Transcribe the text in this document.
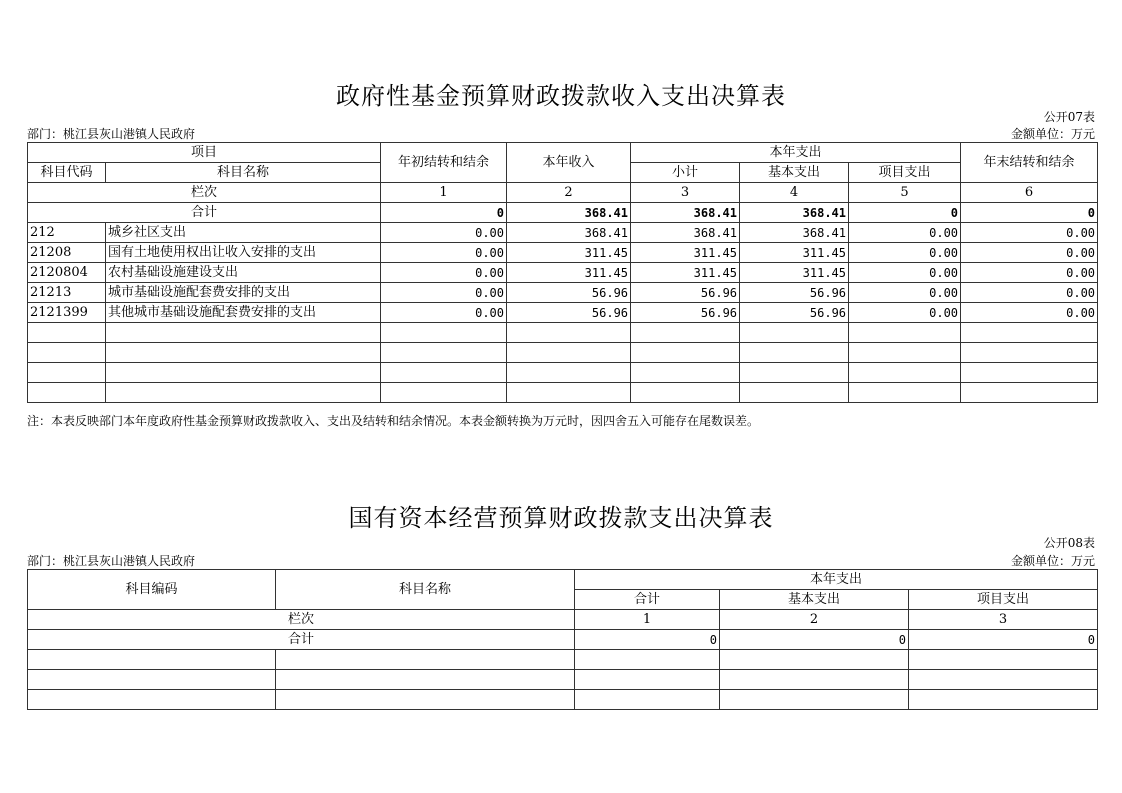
政府性基金预算财政拨款收入支出决算表
公开07表
部门：桃江县灰山港镇人民政府	金额单位：万元
项目		年初结转和结余	本年收入	本年支出			年末结转和结余
科目代码	科目名称			小计	基本支出	项目支出	
栏次		1	2	3	4	5	6
合计		0	368.41	368.41	368.41	0	0
212	城乡社区支出	0.00	368.41	368.41	368.41	0.00	0.00
21208	国有土地使用权出让收入安排的支出	0.00	311.45	311.45	311.45	0.00	0.00
2120804	农村基础设施建设支出	0.00	311.45	311.45	311.45	0.00	0.00
21213	城市基础设施配套费安排的支出	0.00	56.96	56.96	56.96	0.00	0.00
2121399	其他城市基础设施配套费安排的支出	0.00	56.96	56.96	56.96	0.00	0.00

注：本表反映部门本年度政府性基金预算财政拨款收入、支出及结转和结余情况。本表金额转换为万元时，因四舍五入可能存在尾数误差。
国有资本经营预算财政拨款支出决算表
公开08表
部门：桃江县灰山港镇人民政府	金额单位：万元
科目编码	科目名称	本年支出		
		合计	基本支出	项目支出
栏次		1	2	3
合计		0	0	0
